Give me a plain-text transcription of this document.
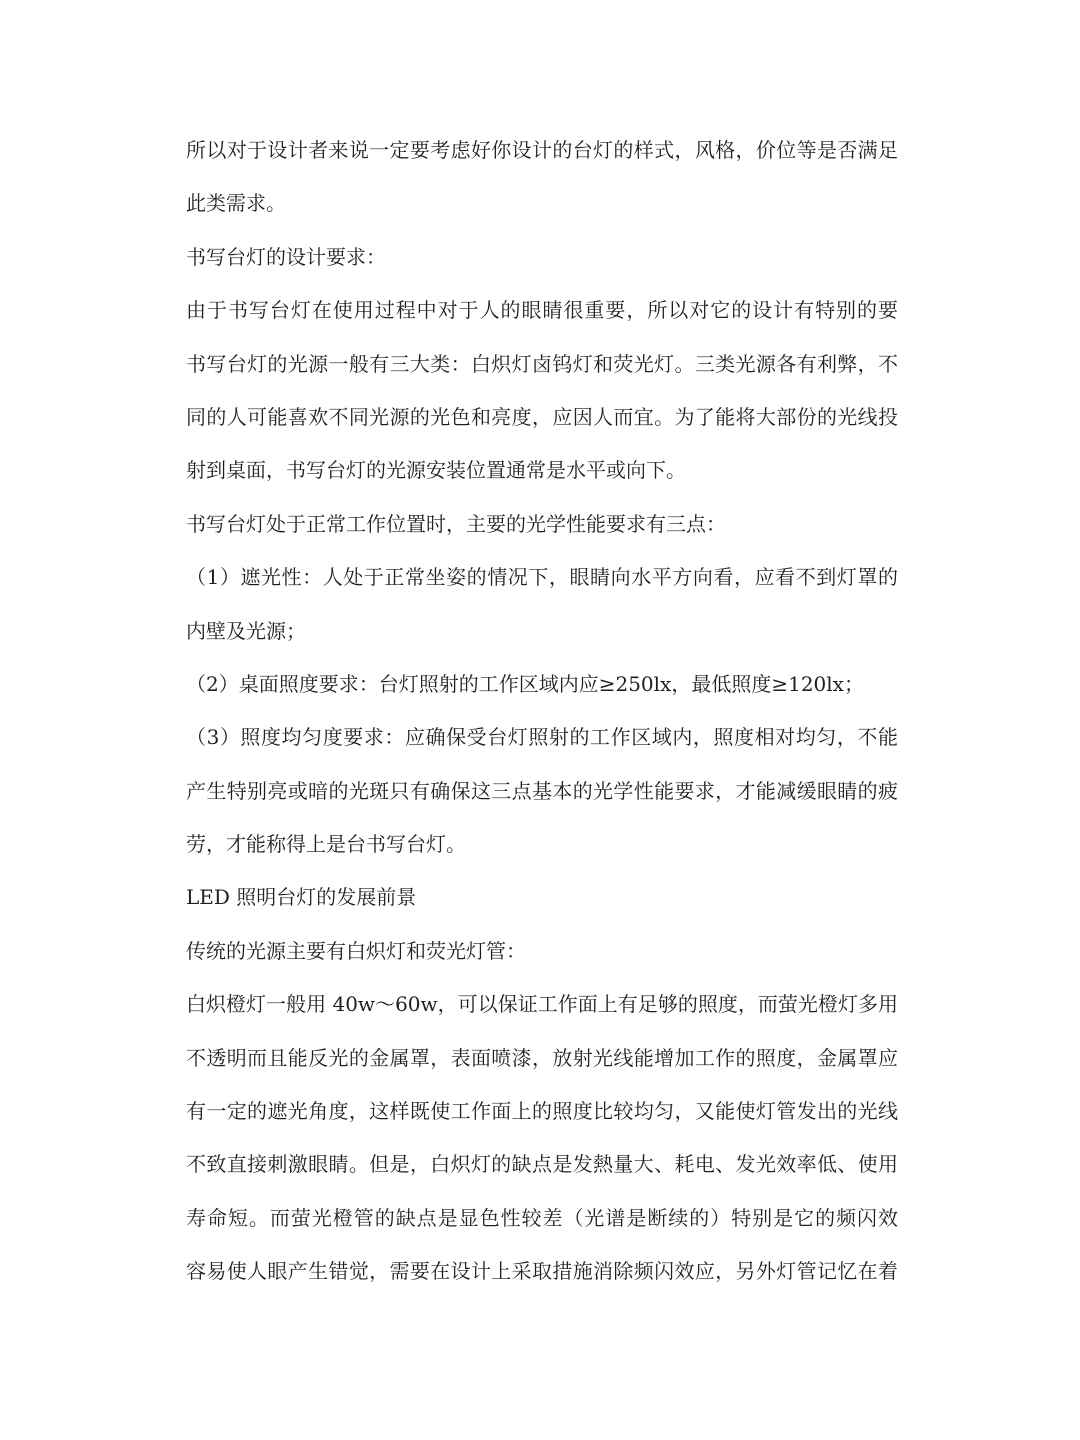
所以对于设计者来说一定要考虑好你设计的台灯的样式，风格，价位等是否满足
此类需求。
书写台灯的设计要求：
由于书写台灯在使用过程中对于人的眼睛很重要，所以对它的设计有特别的要
书写台灯的光源一般有三大类：白炽灯卤钨灯和荧光灯。三类光源各有利弊，不
同的人可能喜欢不同光源的光色和亮度，应因人而宜。为了能将大部份的光线投
射到桌面，书写台灯的光源安装位置通常是水平或向下。
书写台灯处于正常工作位置时，主要的光学性能要求有三点：
（1）遮光性：人处于正常坐姿的情况下，眼睛向水平方向看，应看不到灯罩的
内壁及光源；
（2）桌面照度要求：台灯照射的工作区域内应≥250lx，最低照度≥120lx；
（3）照度均匀度要求：应确保受台灯照射的工作区域内，照度相对均匀，不能
产生特别亮或暗的光斑只有确保这三点基本的光学性能要求，才能减缓眼睛的疲
劳，才能称得上是台书写台灯。
LED 照明台灯的发展前景
传统的光源主要有白炽灯和荧光灯管：
白炽橙灯一般用 40w～60w，可以保证工作面上有足够的照度，而萤光橙灯多用
不透明而且能反光的金属罩，表面喷漆，放射光线能增加工作的照度，金属罩应
有一定的遮光角度，这样既使工作面上的照度比较均匀，又能使灯管发出的光线
不致直接刺激眼睛。但是，白炽灯的缺点是发熱量大、耗电、发光效率低、使用
寿命短。而萤光橙管的缺点是显色性较差（光谱是断续的）特别是它的频闪效
容易使人眼产生错觉，需要在设计上采取措施消除频闪效应，另外灯管记忆在着
